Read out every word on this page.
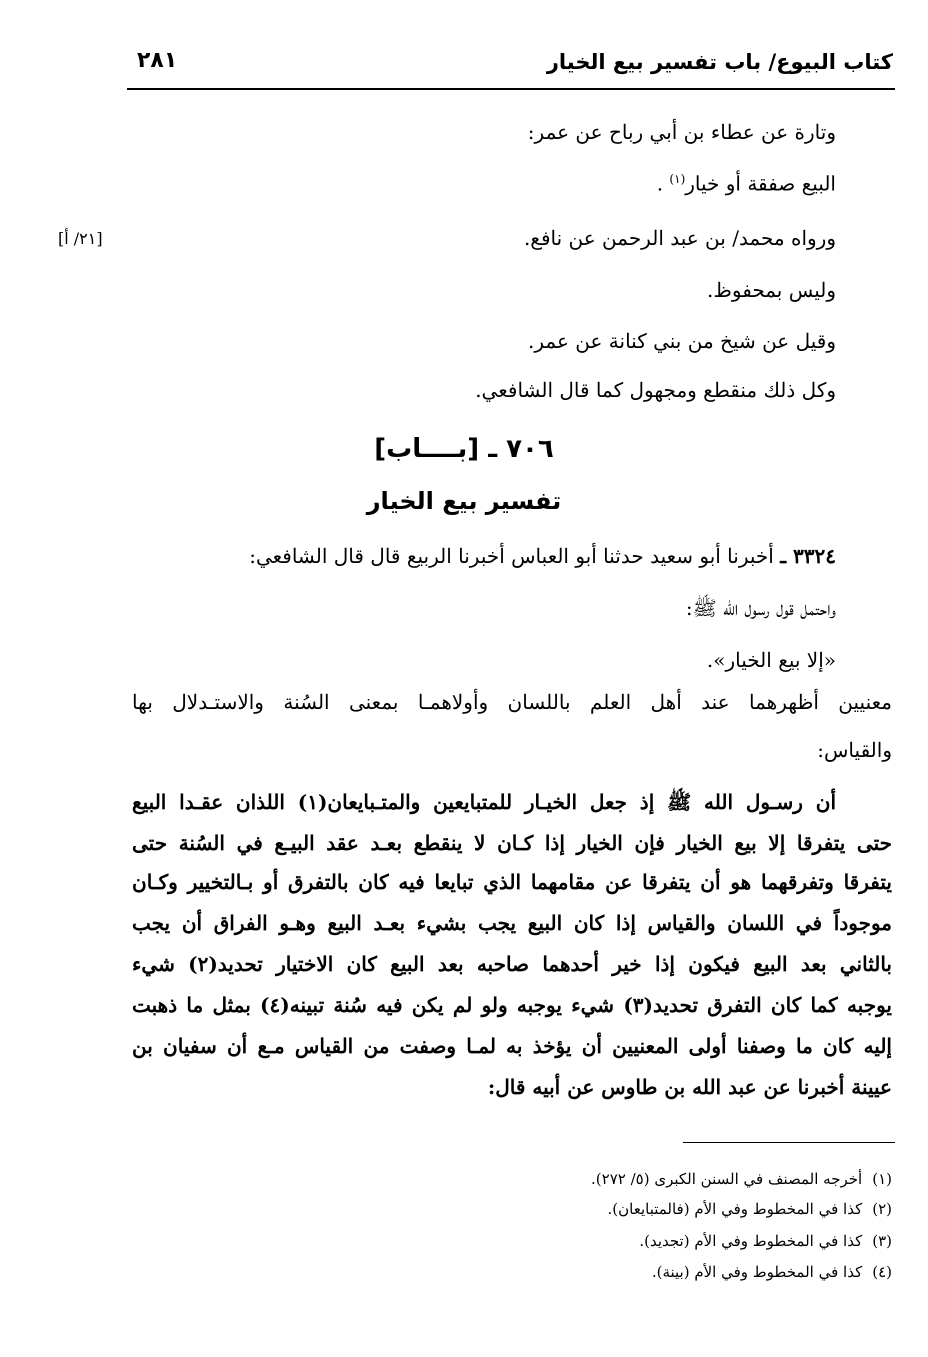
كتاب البيوع/ باب تفسير بيع الخيار
٢٨١
[٢١/ أ]
وتارة عن عطاء بن أبي رباح عن عمر:
البيع صفقة أو خيار$^{(١)}$ .
ورواه محمد/ بن عبد الرحمن عن نافع.
وليس بمحفوظ.
وقيل عن شيخ من بني كنانة عن عمر.
وكل ذلك منقطع ومجهول كما قال الشافعي.
٧٠٦ ـ [بــــاب]
تفسير بيع الخيار
٣٣٢٤ ـ أخبرنا أبو سعيد حدثنا أبو العباس أخبرنا الربيع قال قال الشافعي:
واحتمل قول رسول الله ﷺ:
«إلا بيع الخيار».
معنيين أظهرهما عند أهل العلم باللسان وأولاهمـا بمعنى السُنة والاستـدلال بها
والقياس:
أن رسـول الله ﷺ إذ جعل الخيـار للمتبايعين والمتـبايعان(١) اللذان عقـدا البيع
حتى يتفرقا إلا بيع الخيار فإن الخيار إذا كـان لا ينقطع بعـد عقد البيـع في السُنة حتى
يتفرقا وتفرقهما هو أن يتفرقا عن مقامهما الذي تبايعا فيه كان بالتفرق أو بـالتخيير وكـان
موجوداً في اللسان والقياس إذا كان البيع يجب بشيء بعـد البيع وهـو الفراق أن يجب
بالثاني بعد البيع فيكون إذا خير أحدهما صاحبه بعد البيع كان الاختيار تحديد(٢) شيء
يوجبه كما كان التفرق تحديد(٣) شيء يوجبه ولو لم يكن فيه سُنة تبينه(٤) بمثل ما ذهبت
إليه كان ما وصفنا أولى المعنيين أن يؤخذ به لمـا وصفت من القياس مـع أن سفيان بن
عيينة أخبرنا عن عبد الله بن طاوس عن أبيه قال:
(١)أخرجه المصنف في السنن الكبرى (٥/ ٢٧٢).
(٢)كذا في المخطوط وفي الأم (فالمتبايعان).
(٣)كذا في المخطوط وفي الأم (تجديد).
(٤)كذا في المخطوط وفي الأم (بينة).
